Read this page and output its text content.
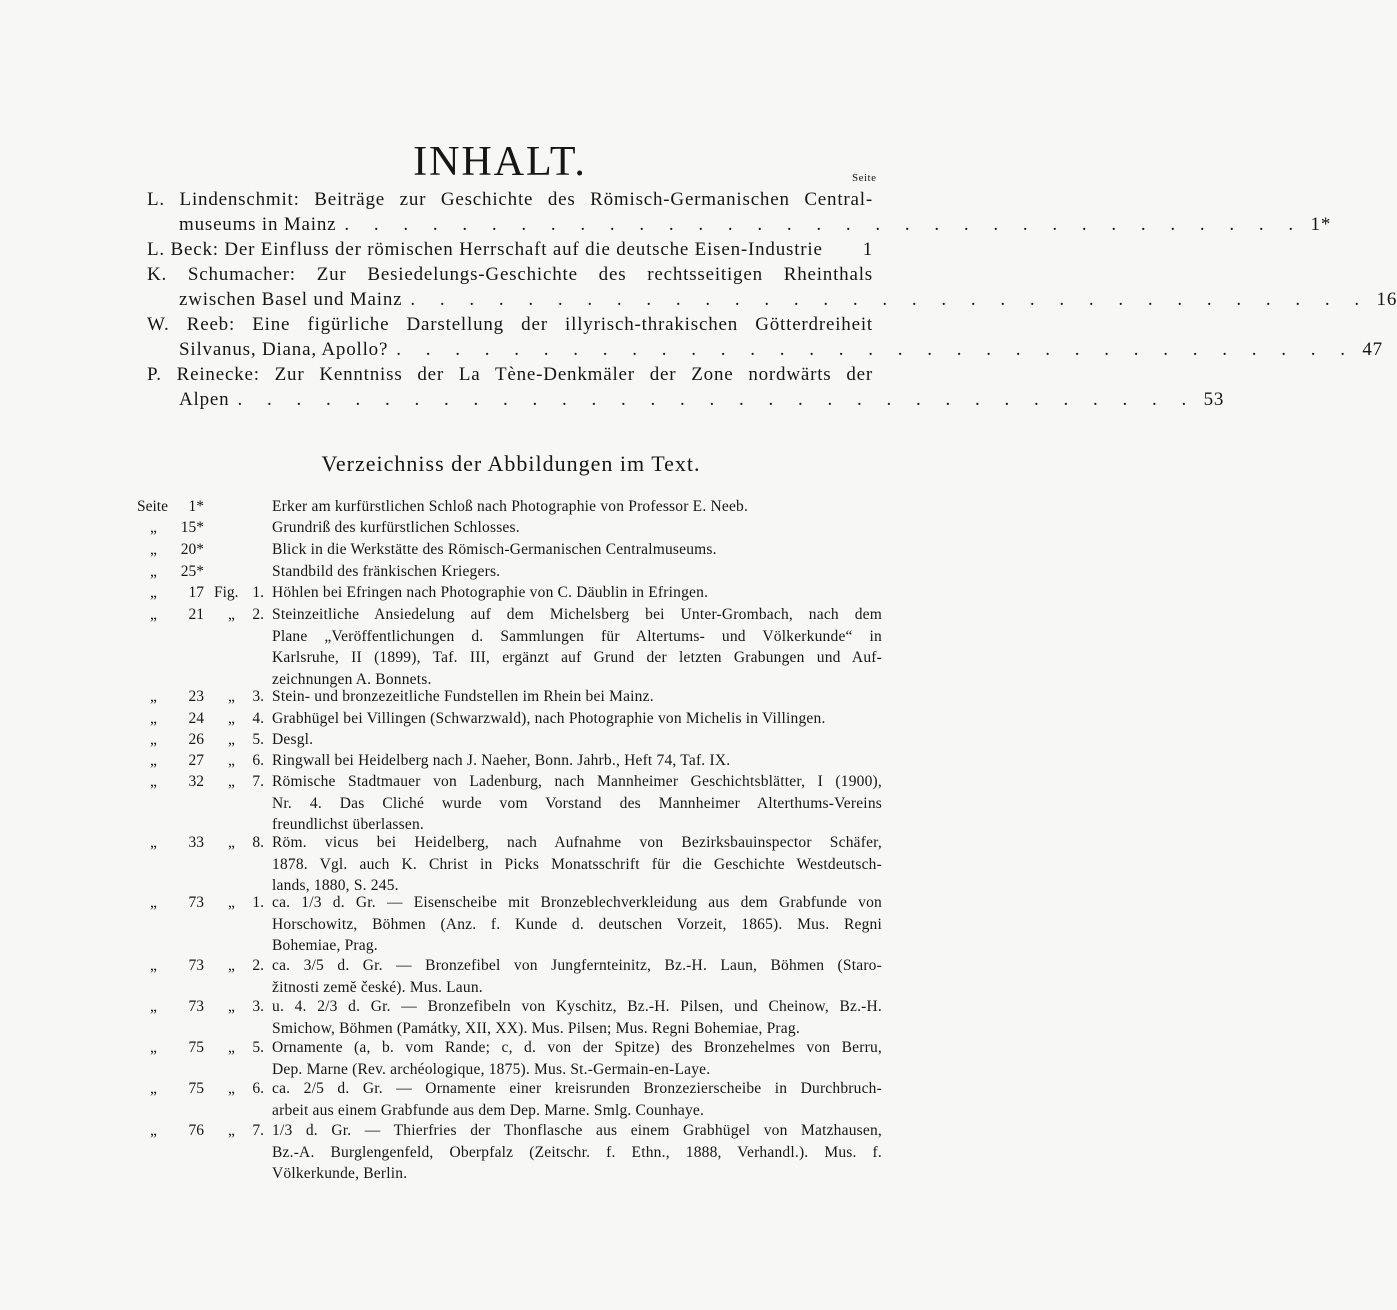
INHALT.	Seite
L. Lindenschmit: Beiträge zur Geschichte des Römisch-Germanischen Central-
museums in Mainz . . . . . . . . . . . . . . . . . . . . . . . . . . . . . . . . . 1*
L. Beck: Der Einfluss der römischen Herrschaft auf die deutsche Eisen-Industrie	1
K. Schumacher: Zur Besiedelungs-Geschichte des rechtsseitigen Rheinthals
zwischen Basel und Mainz . . . . . . . . . . . . . . . . . . . . . . . . . . . . . . . . . 16
W. Reeb: Eine figürliche Darstellung der illyrisch-thrakischen Götterdreiheit
Silvanus, Diana, Apollo? . . . . . . . . . . . . . . . . . . . . . . . . . . . . . . . . . 47
P. Reinecke: Zur Kenntniss der La Tène-Denkmäler der Zone nordwärts der
Alpen . . . . . . . . . . . . . . . . . . . . . . . . . . . . . . . . . 53
Verzeichniss der Abbildungen im Text.
Seite	1*	Erker am kurfürstlichen Schloß nach Photographie von Professor E. Neeb.
„	15*	Grundriß des kurfürstlichen Schlosses.
„	20*	Blick in die Werkstätte des Römisch-Germanischen Centralmuseums.
„	25*	Standbild des fränkischen Kriegers.
„	17 Fig. 1. Höhlen bei Efringen nach Photographie von C. Däublin in Efringen.
„	21 „	2. Steinzeitliche Ansiedelung auf dem Michelsberg bei Unter-Grombach, nach dem
Plane „Veröffentlichungen d. Sammlungen für Altertums- und Völkerkunde“ in
Karlsruhe, II (1899), Taf. III, ergänzt auf Grund der letzten Grabungen und Auf-
zeichnungen A. Bonnets.
„	23 „	3. Stein- und bronzezeitliche Fundstellen im Rhein bei Mainz.
„	24 „	4. Grabhügel bei Villingen (Schwarzwald), nach Photographie von Michelis in Villingen.
„	26 „	5. Desgl.
„	27 „	6. Ringwall bei Heidelberg nach J. Naeher, Bonn. Jahrb., Heft 74, Taf. IX.
„	32 „	7. Römische Stadtmauer von Ladenburg, nach Mannheimer Geschichtsblätter, I (1900),
Nr. 4. Das Cliché wurde vom Vorstand des Mannheimer Alterthums-Vereins
freundlichst überlassen.
„	33 „	8. Röm. vicus bei Heidelberg, nach Aufnahme von Bezirksbauinspector Schäfer,
1878. Vgl. auch K. Christ in Picks Monatsschrift für die Geschichte Westdeutsch-
lands, 1880, S. 245.
„	73 „	1. ca. 1/3 d. Gr. — Eisenscheibe mit Bronzeblechverkleidung aus dem Grabfunde von
Horschowitz, Böhmen (Anz. f. Kunde d. deutschen Vorzeit, 1865). Mus. Regni
Bohemiae, Prag.
„	73 „	2. ca. 3/5 d. Gr. — Bronzefibel von Jungfernteinitz, Bz.-H. Laun, Böhmen (Staro-
žitnosti zemĕ české). Mus. Laun.
„	73 „	3. u. 4. 2/3 d. Gr. — Bronzefibeln von Kyschitz, Bz.-H. Pilsen, und Cheinow, Bz.-H.
Smichow, Böhmen (Památky, XII, XX). Mus. Pilsen; Mus. Regni Bohemiae, Prag.
„	75 „	5. Ornamente (a, b. vom Rande; c, d. von der Spitze) des Bronzehelmes von Berru,
Dep. Marne (Rev. archéologique, 1875). Mus. St.-Germain-en-Laye.
„	75 „	6. ca. 2/5 d. Gr. — Ornamente einer kreisrunden Bronzezierscheibe in Durchbruch-
arbeit aus einem Grabfunde aus dem Dep. Marne. Smlg. Counhaye.
„	76 „	7. 1/3 d. Gr. — Thierfries der Thonflasche aus einem Grabhügel von Matzhausen,
Bz.-A. Burglengenfeld, Oberpfalz (Zeitschr. f. Ethn., 1888, Verhandl.). Mus. f.
Völkerkunde, Berlin.
